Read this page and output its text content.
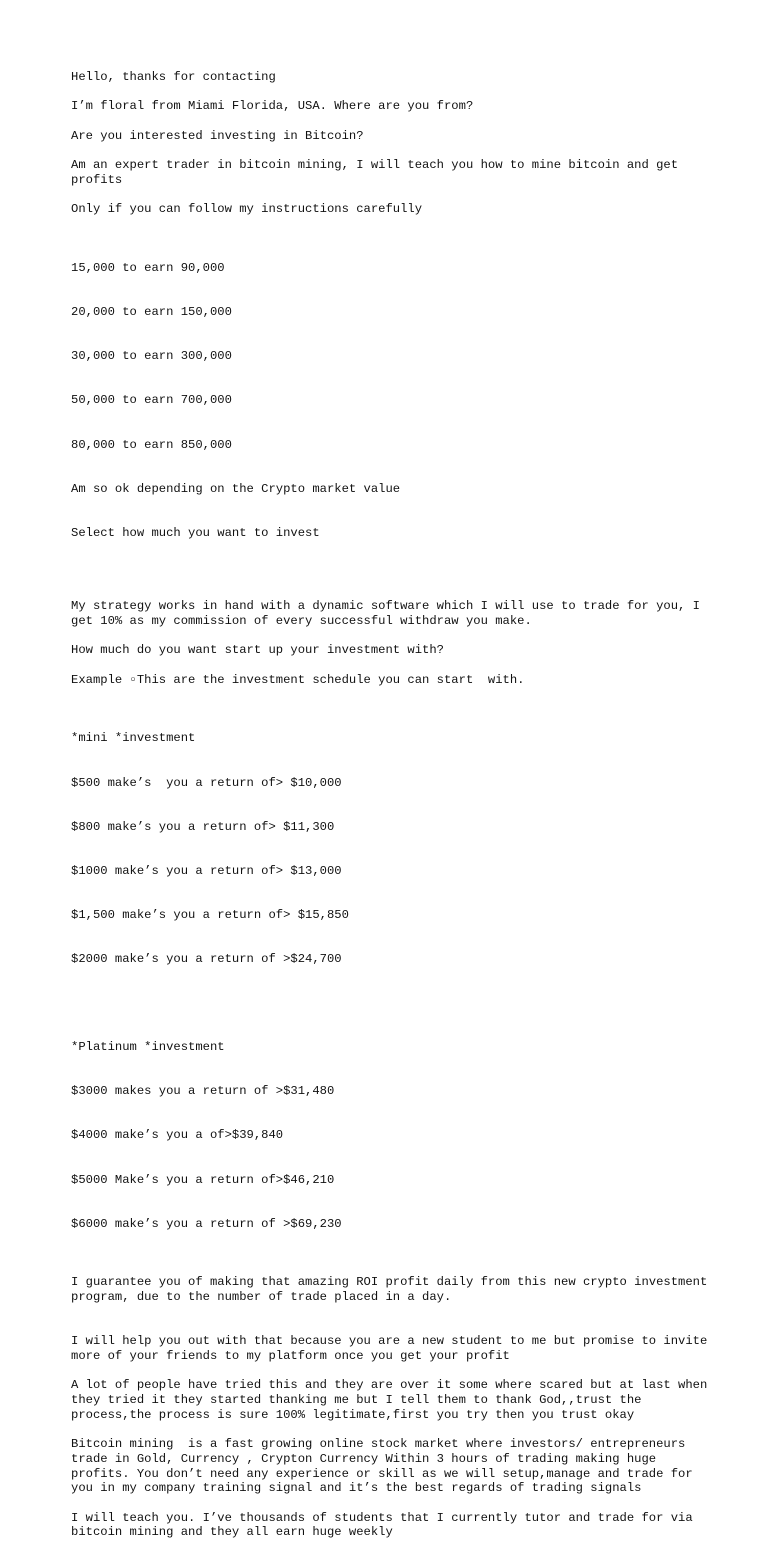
Hello, thanks for contacting

I’m floral from Miami Florida, USA. Where are you from?

Are you interested investing in Bitcoin?

Am an expert trader in bitcoin mining, I will teach you how to mine bitcoin and get profits

Only if you can follow my instructions carefully

15,000 to earn 90,000

20,000 to earn 150,000

30,000 to earn 300,000

50,000 to earn 700,000

80,000 to earn 850,000

Am so ok depending on the Crypto market value

Select how much you want to invest

My strategy works in hand with a dynamic software which I will use to trade for you, I get 10% as my commission of every successful withdraw you make.

How much do you want start up your investment with?

Example ▫This are the investment schedule you can start  with.

*mini *investment

$500 make’s  you a return of> $10,000

$800 make’s you a return of> $11,300

$1000 make’s you a return of> $13,000

$1,500 make’s you a return of> $15,850

$2000 make’s you a return of >$24,700

*Platinum *investment

$3000 makes you a return of >$31,480

$4000 make’s you a of>$39,840

$5000 Make’s you a return of>$46,210

$6000 make’s you a return of >$69,230

I guarantee you of making that amazing ROI profit daily from this new crypto investment program, due to the number of trade placed in a day.

I will help you out with that because you are a new student to me but promise to invite more of your friends to my platform once you get your profit

A lot of people have tried this and they are over it some where scared but at last when they tried it they started thanking me but I tell them to thank God,,trust the process,the process is sure 100% legitimate,first you try then you trust okay

Bitcoin mining  is a fast growing online stock market where investors/ entrepreneurs trade in Gold, Currency , Crypton Currency Within 3 hours of trading making huge profits. You don’t need any experience or skill as we will setup,manage and trade for you in my company training signal and it’s the best regards of trading signals

I will teach you. I’ve thousands of students that I currently tutor and trade for via bitcoin mining and they all earn huge weekly
